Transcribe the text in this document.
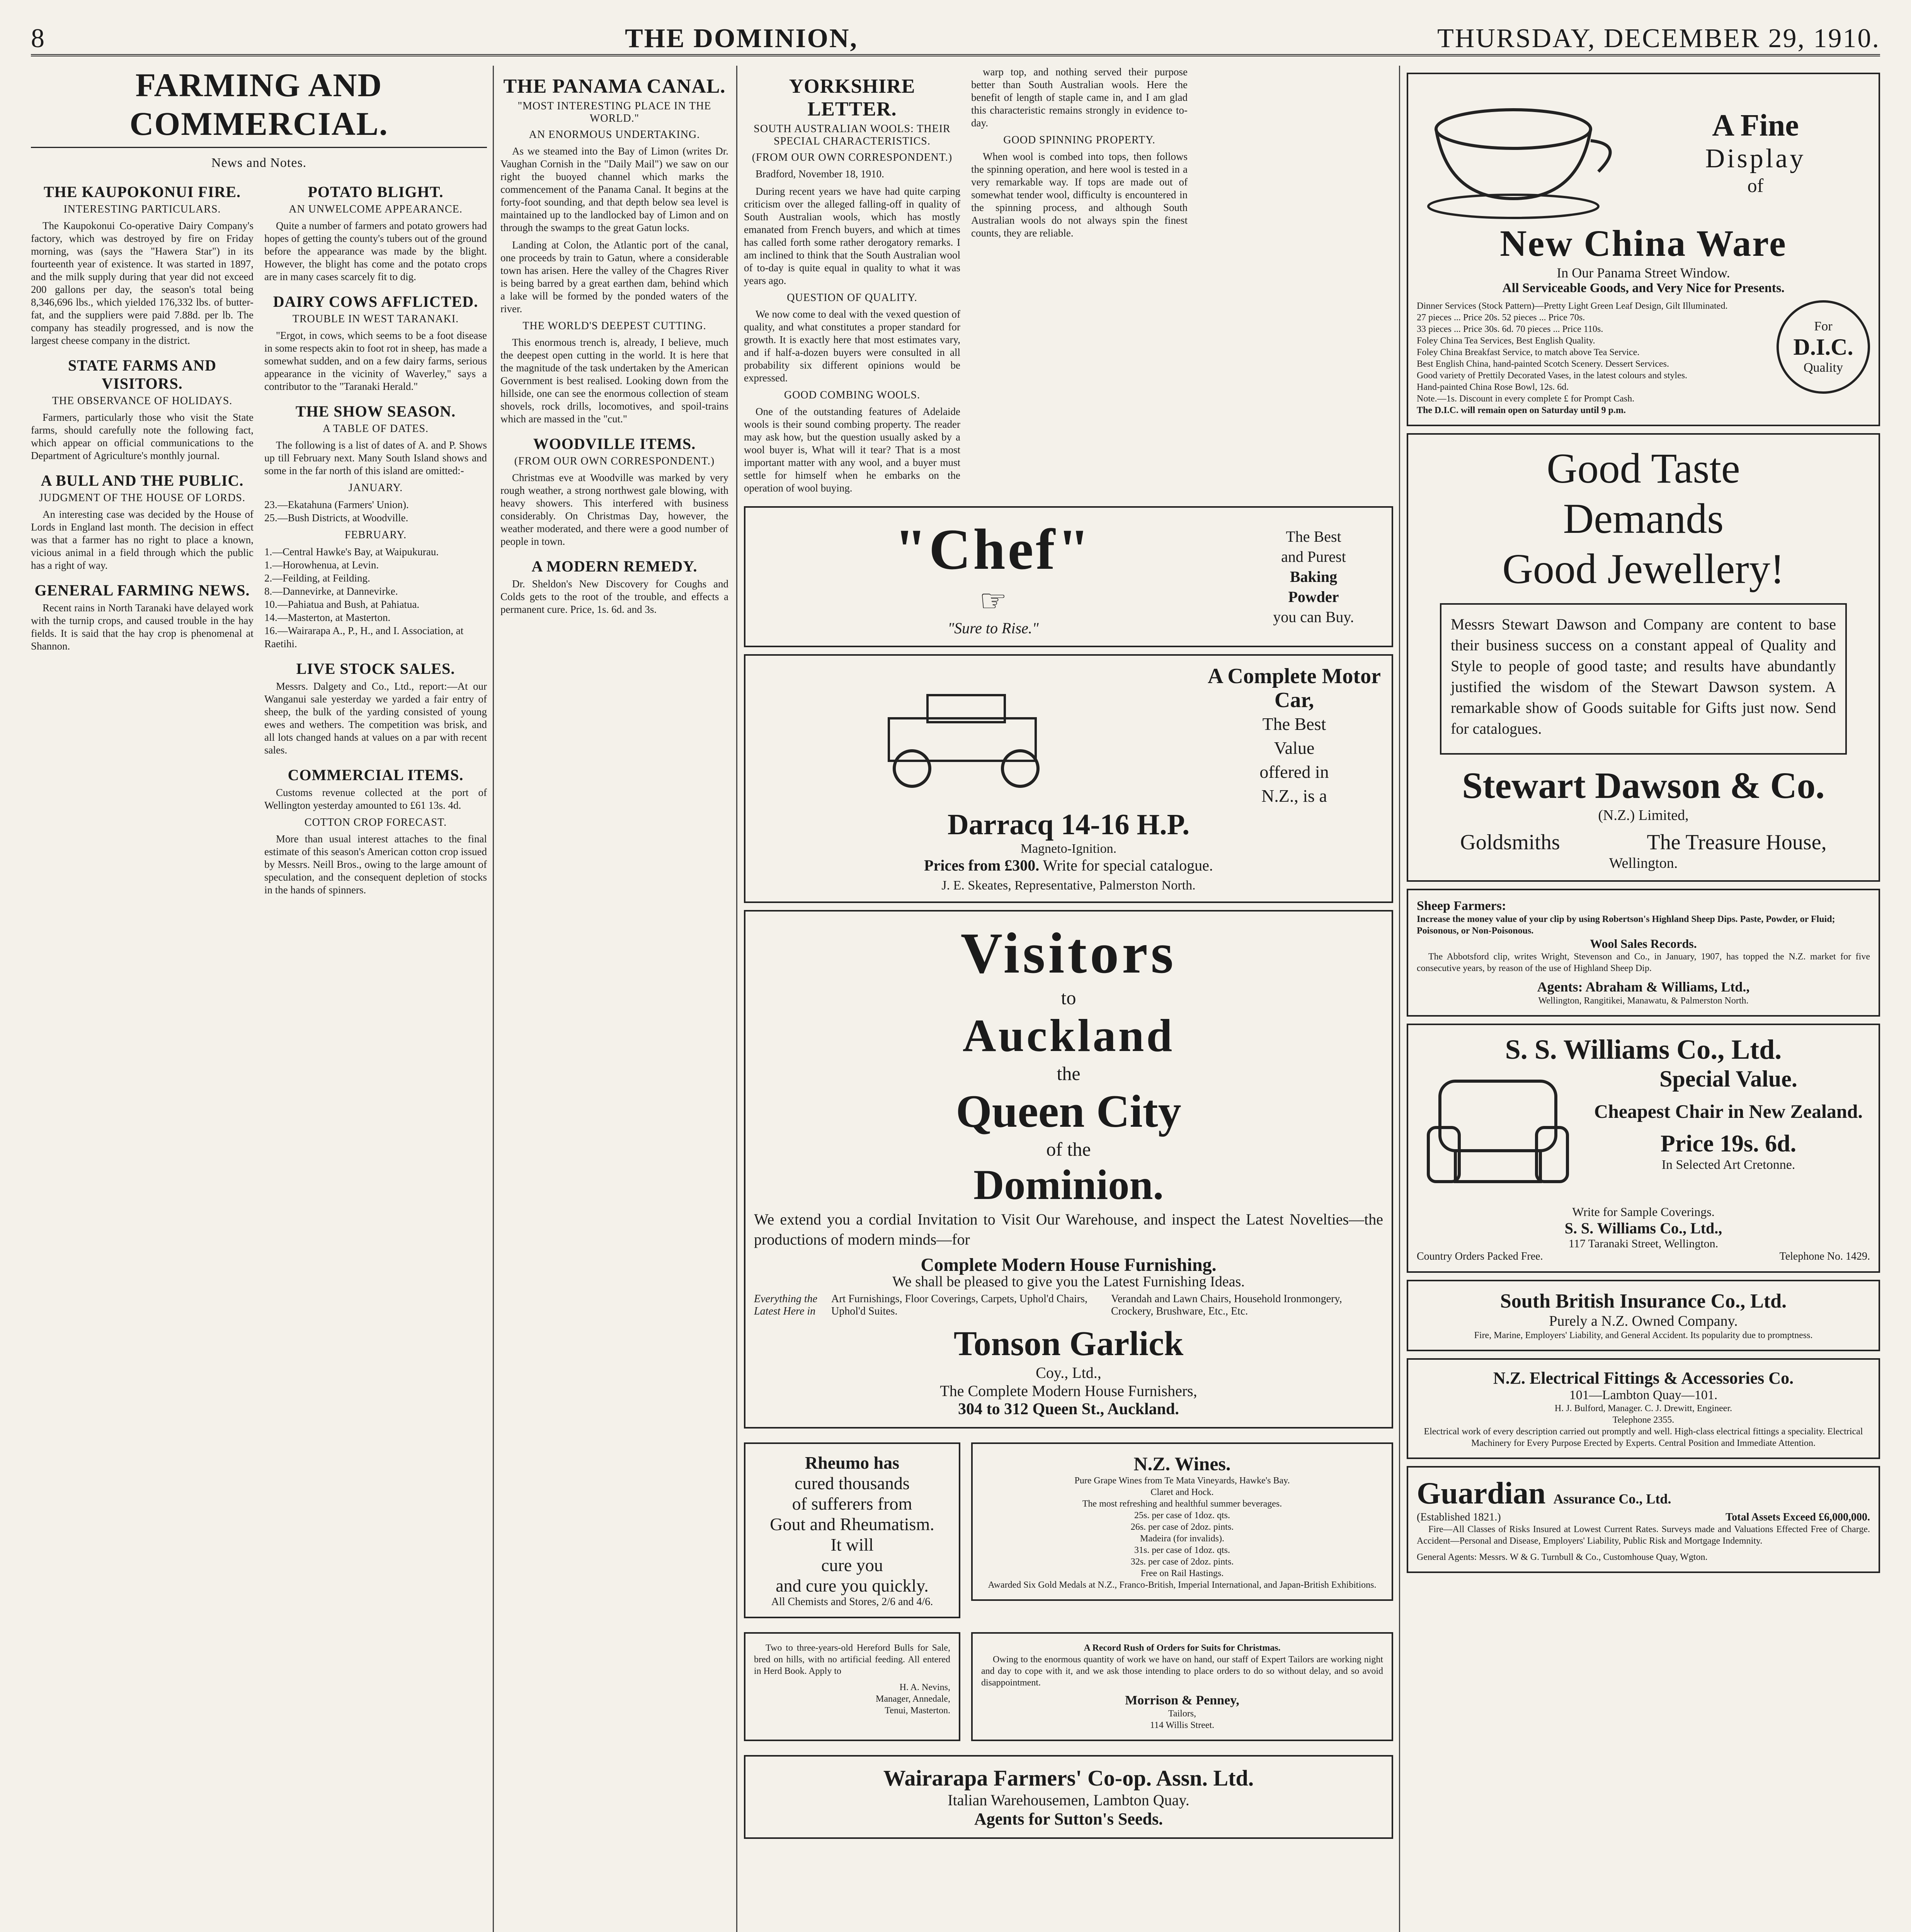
8	THE DOMINION,	THURSDAY, DECEMBER 29, 1910.
FARMING AND COMMERCIAL.
News and Notes.
THE KAUPOKONUI FIRE.
INTERESTING PARTICULARS.

The Kaupokonui Co-operative Dairy Company's factory, which was destroyed by fire on Friday morning, was (says the "Hawera Star") in its fourteenth year of existence. It was started in 1897, and the milk supply during that year did not exceed 200 gallons per day, the season's total being 8,346,696 lbs., which yielded 176,332 lbs. of butter-fat, and the suppliers were paid 7.88d. per lb. The company has steadily progressed, and is now the largest cheese company in the district.

STATE FARMS AND VISITORS.
THE OBSERVANCE OF HOLIDAYS.

Farmers, particularly those who visit the State farms, should carefully note the following fact, which appear on official communications to the Department of Agriculture's monthly journal.

A BULL AND THE PUBLIC.
JUDGMENT OF THE HOUSE OF LORDS.

An interesting case was decided by the House of Lords in England last month. The decision in effect was that a farmer has no right to place a known, vicious animal in a field through which the public has a right of way.

GENERAL FARMING NEWS.

Recent rains in North Taranaki have delayed work with the turnip crops, and caused trouble in the hay fields. It is said that the hay crop is phenomenal at Shannon.

POTATO BLIGHT.
AN UNWELCOME APPEARANCE.

Quite a number of farmers and potato growers had hopes of getting the county's tubers out of the ground before the appearance was made by the blight. However, the blight has come and the potato crops are in many cases scarcely fit to dig.

DAIRY COWS AFFLICTED.
TROUBLE IN WEST TARANAKI.

"Ergot, in cows, which seems to be a foot disease in some respects akin to foot rot in sheep, has made a somewhat sudden, and on a few dairy farms, serious appearance in the vicinity of Waverley," says a contributor to the "Taranaki Herald."

THE SHOW SEASON.
A TABLE OF DATES.

The following is a list of dates of A. and P. Shows up till February next. Many South Island shows and some in the far north of this island are omitted:-

JANUARY.
23.—Ekatahuna (Farmers' Union).
25.—Bush Districts, at Woodville.
FEBRUARY.
1.—Central Hawke's Bay, at Waipukurau.
1.—Horowhenua, at Levin.
2.—Feilding, at Feilding.
8.—Dannevirke, at Dannevirke.
10.—Pahiatua and Bush, at Pahiatua.
14.—Masterton, at Masterton.
16.—Wairarapa A., P., H., and I. Association, at Raetihi.
LIVE STOCK SALES.

Messrs. Dalgety and Co., Ltd., report:—At our Wanganui sale yesterday we yarded a fair entry of sheep, the bulk of the yarding consisted of young ewes and wethers. The competition was brisk, and all lots changed hands at values on a par with recent sales.

COMMERCIAL ITEMS.

Customs revenue collected at the port of Wellington yesterday amounted to £61 13s. 4d.

COTTON CROP FORECAST.

More than usual interest attaches to the final estimate of this season's American cotton crop issued by Messrs. Neill Bros., owing to the large amount of speculation, and the consequent depletion of stocks in the hands of spinners.

THE PANAMA CANAL.
"MOST INTERESTING PLACE IN THE WORLD."
AN ENORMOUS UNDERTAKING.

As we steamed into the Bay of Limon (writes Dr. Vaughan Cornish in the "Daily Mail") we saw on our right the buoyed channel which marks the commencement of the Panama Canal. It begins at the forty-foot sounding, and that depth below sea level is maintained up to the landlocked bay of Limon and on through the swamps to the great Gatun locks.

Landing at Colon, the Atlantic port of the canal, one proceeds by train to Gatun, where a considerable town has arisen. Here the valley of the Chagres River is being barred by a great earthen dam, behind which a lake will be formed by the ponded waters of the river.

THE WORLD'S DEEPEST CUTTING.

This enormous trench is, already, I believe, much the deepest open cutting in the world. It is here that the magnitude of the task undertaken by the American Government is best realised. Looking down from the hillside, one can see the enormous collection of steam shovels, rock drills, locomotives, and spoil-trains which are massed in the "cut."

WOODVILLE ITEMS.
(FROM OUR OWN CORRESPONDENT.)

Christmas eve at Woodville was marked by very rough weather, a strong northwest gale blowing, with heavy showers. This interfered with business considerably. On Christmas Day, however, the weather moderated, and there were a good number of people in town.

A MODERN REMEDY.

Dr. Sheldon's New Discovery for Coughs and Colds gets to the root of the trouble, and effects a permanent cure. Price, 1s. 6d. and 3s.

YORKSHIRE LETTER.
SOUTH AUSTRALIAN WOOLS: THEIR SPECIAL CHARACTERISTICS.
(FROM OUR OWN CORRESPONDENT.)

Bradford, November 18, 1910.

During recent years we have had quite carping criticism over the alleged falling-off in quality of South Australian wools, which has mostly emanated from French buyers, and which at times has called forth some rather derogatory remarks. I am inclined to think that the South Australian wool of to-day is quite equal in quality to what it was years ago.

QUESTION OF QUALITY.

We now come to deal with the vexed question of quality, and what constitutes a proper standard for growth. It is exactly here that most estimates vary, and if half-a-dozen buyers were consulted in all probability six different opinions would be expressed.

GOOD COMBING WOOLS.

One of the outstanding features of Adelaide wools is their sound combing property. The reader may ask how, but the question usually asked by a wool buyer is, What will it tear? That is a most important matter with any wool, and a buyer must settle for himself when he embarks on the operation of wool buying.

warp top, and nothing served their purpose better than South Australian wools. Here the benefit of length of staple came in, and I am glad this characteristic remains strongly in evidence to-day.

GOOD SPINNING PROPERTY.

When wool is combed into tops, then follows the spinning operation, and here wool is tested in a very remarkable way. If tops are made out of somewhat tender wool, difficulty is encountered in the spinning process, and although South Australian wools do not always spin the finest counts, they are reliable.

"Chef"
☞
"Sure to Rise."
The Best
and Purest
Baking
Powder
you can Buy.
A Complete Motor Car,
The Best
Value
offered in
N.Z., is a
Darracq 14-16 H.P.
Magneto-Ignition.
Prices from £300. Write for special catalogue.
J. E. Skeates, Representative, Palmerston North.
Visitors
to
Auckland
the
Queen City
of the
Dominion.

We extend you a cordial Invitation to Visit Our Warehouse, and inspect the Latest Novelties—the productions of modern minds—for

Complete Modern House Furnishing.

We shall be pleased to give you the Latest Furnishing Ideas.

Everything the Latest Here in
Art Furnishings, Floor Coverings, Carpets, Uphol'd Chairs, Uphol'd Suites.
Verandah and Lawn Chairs, Household Ironmongery, Crockery, Brushware, Etc., Etc.
Tonson Garlick
Coy., Ltd.,
The Complete Modern House Furnishers,
304 to 312 Queen St., Auckland.
Rheumo has
cured thousands
of sufferers from
Gout and Rheumatism.
It will
cure you
and cure you quickly.
All Chemists and Stores, 2/6 and 4/6.
N.Z. Wines.
Pure Grape Wines from Te Mata Vineyards, Hawke's Bay.
Claret and Hock.
The most refreshing and healthful summer beverages.
25s. per case of 1doz. qts.
26s. per case of 2doz. pints.
Madeira (for invalids).
31s. per case of 1doz. qts.
32s. per case of 2doz. pints.
Free on Rail Hastings.
Awarded Six Gold Medals at N.Z., Franco-British, Imperial International, and Japan-British Exhibitions.

Two to three-years-old Hereford Bulls for Sale, bred on hills, with no artificial feeding. All entered in Herd Book. Apply to

H. A. Nevins,
Manager, Annedale,
Tenui, Masterton.
A Record Rush of Orders for Suits for Christmas.

Owing to the enormous quantity of work we have on hand, our staff of Expert Tailors are working night and day to cope with it, and we ask those intending to place orders to do so without delay, and so avoid disappointment.

Morrison & Penney,
Tailors,
114 Willis Street.
Wairarapa Farmers' Co-op. Assn. Ltd.
Italian Warehousemen, Lambton Quay.
Agents for Sutton's Seeds.
A Fine
Display
of
New China Ware
In Our Panama Street Window.
All Serviceable Goods, and Very Nice for Presents.
Dinner Services (Stock Pattern)—Pretty Light Green Leaf Design, Gilt Illuminated.
27 pieces ... Price 20s. 52 pieces ... Price 70s.
33 pieces ... Price 30s. 6d. 70 pieces ... Price 110s.
Foley China Tea Services, Best English Quality.
Foley China Breakfast Service, to match above Tea Service.
Best English China, hand-painted Scotch Scenery. Dessert Services.
Good variety of Prettily Decorated Vases, in the latest colours and styles.
Hand-painted China Rose Bowl, 12s. 6d.
Note.—1s. Discount in every complete £ for Prompt Cash.
The D.I.C. will remain open on Saturday until 9 p.m.
For
D.I.C.
Quality
Good Taste
Demands
Good Jewellery!

Messrs Stewart Dawson and Company are content to base their business success on a constant appeal of Quality and Style to people of good taste; and results have abundantly justified the wisdom of the Stewart Dawson system. A remarkable show of Goods suitable for Gifts just now. Send for catalogues.

Stewart Dawson & Co.
(N.Z.) Limited,
Goldsmiths	The Treasure House,
Wellington.
Sheep Farmers:
Increase the money value of your clip by using Robertson's Highland Sheep Dips. Paste, Powder, or Fluid; Poisonous, or Non-Poisonous.
Wool Sales Records.

The Abbotsford clip, writes Wright, Stevenson and Co., in January, 1907, has topped the N.Z. market for five consecutive years, by reason of the use of Highland Sheep Dip.

Agents: Abraham & Williams, Ltd.,
Wellington, Rangitikei, Manawatu, & Palmerston North.
S. S. Williams Co., Ltd.
Special Value.
Cheapest Chair in New Zealand.
Price 19s. 6d.
In Selected Art Cretonne.
Write for Sample Coverings.
S. S. Williams Co., Ltd.,
117 Taranaki Street, Wellington.
Country Orders Packed Free.	Telephone No. 1429.
South British Insurance Co., Ltd.
Purely a N.Z. Owned Company.
Fire, Marine, Employers' Liability, and General Accident. Its popularity due to promptness.
N.Z. Electrical Fittings & Accessories Co.
101—Lambton Quay—101.
H. J. Bulford, Manager. C. J. Drewitt, Engineer.
Telephone 2355.
Electrical work of every description carried out promptly and well. High-class electrical fittings a speciality. Electrical Machinery for Every Purpose Erected by Experts. Central Position and Immediate Attention.
Guardian Assurance Co., Ltd.
(Established 1821.)	Total Assets Exceed £6,000,000.

Fire—All Classes of Risks Insured at Lowest Current Rates. Surveys made and Valuations Effected Free of Charge. Accident—Personal and Disease, Employers' Liability, Public Risk and Mortgage Indemnity.

General Agents: Messrs. W & G. Turnbull & Co., Customhouse Quay, Wgton.
